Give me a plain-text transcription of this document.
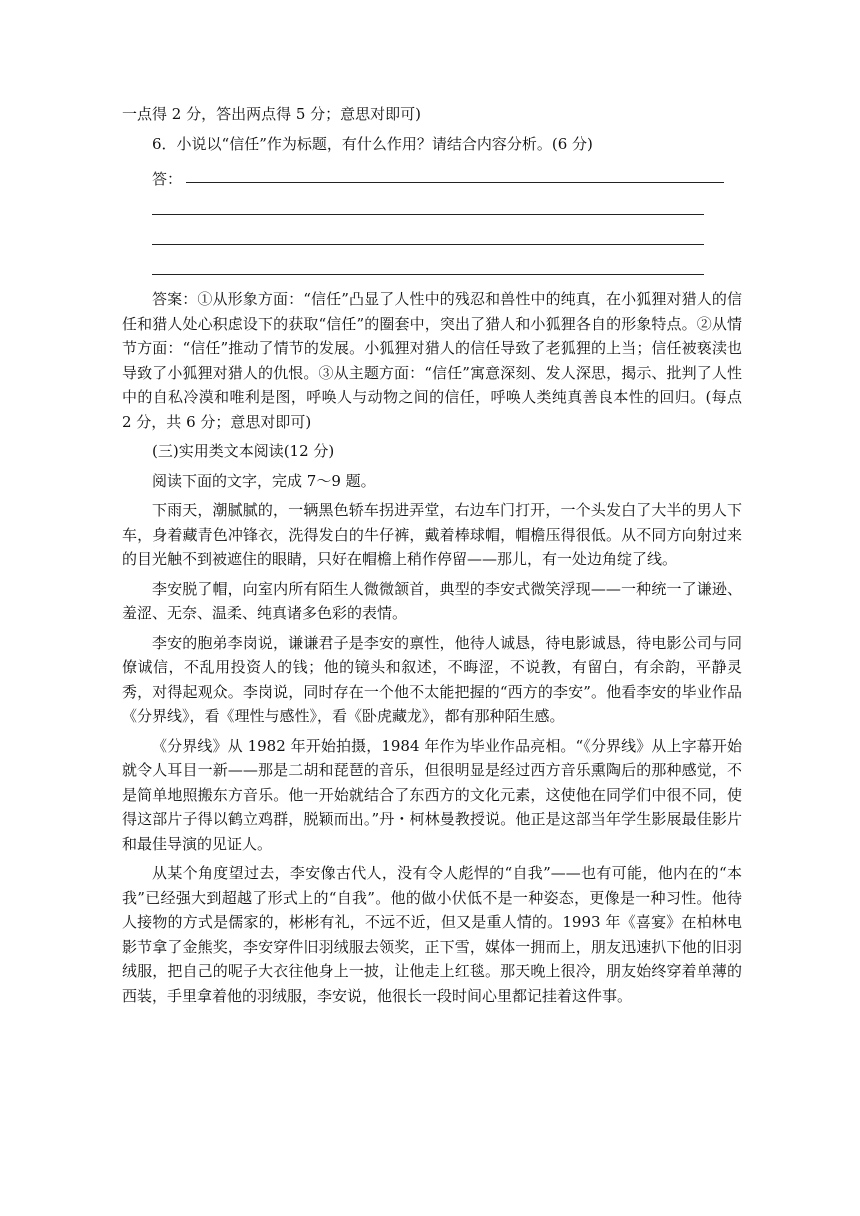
一点得 2 分，答出两点得 5 分；意思对即可)

6．小说以“信任”作为标题，有什么作用？请结合内容分析。(6 分)

答：

答案：①从形象方面：“信任”凸显了人性中的残忍和兽性中的纯真，在小狐狸对猎人的信任和猎人处心积虑设下的获取“信任”的圈套中，突出了猎人和小狐狸各自的形象特点。②从情节方面：“信任”推动了情节的发展。小狐狸对猎人的信任导致了老狐狸的上当；信任被亵渎也导致了小狐狸对猎人的仇恨。③从主题方面：“信任”寓意深刻、发人深思，揭示、批判了人性中的自私冷漠和唯利是图，呼唤人与动物之间的信任，呼唤人类纯真善良本性的回归。(每点 2 分，共 6 分；意思对即可)

(三)实用类文本阅读(12 分)

阅读下面的文字，完成 7～9 题。

下雨天，潮腻腻的，一辆黑色轿车拐进弄堂，右边车门打开，一个头发白了大半的男人下车，身着藏青色冲锋衣，洗得发白的牛仔裤，戴着棒球帽，帽檐压得很低。从不同方向射过来的目光触不到被遮住的眼睛，只好在帽檐上稍作停留——那儿，有一处边角绽了线。

李安脱了帽，向室内所有陌生人微微颔首，典型的李安式微笑浮现——一种统一了谦逊、羞涩、无奈、温柔、纯真诸多色彩的表情。

李安的胞弟李岗说，谦谦君子是李安的禀性，他待人诚恳，待电影诚恳，待电影公司与同僚诚信，不乱用投资人的钱；他的镜头和叙述，不晦涩，不说教，有留白，有余韵，平静灵秀，对得起观众。李岗说，同时存在一个他不太能把握的“西方的李安”。他看李安的毕业作品《分界线》，看《理性与感性》，看《卧虎藏龙》，都有那种陌生感。

《分界线》从 1982 年开始拍摄，1984 年作为毕业作品亮相。“《分界线》从上字幕开始就令人耳目一新——那是二胡和琵琶的音乐，但很明显是经过西方音乐熏陶后的那种感觉，不是简单地照搬东方音乐。他一开始就结合了东西方的文化元素，这使他在同学们中很不同，使得这部片子得以鹤立鸡群，脱颖而出。”丹・柯林曼教授说。他正是这部当年学生影展最佳影片和最佳导演的见证人。

从某个角度望过去，李安像古代人，没有令人彪悍的“自我”——也有可能，他内在的“本我”已经强大到超越了形式上的“自我”。他的做小伏低不是一种姿态，更像是一种习性。他待人接物的方式是儒家的，彬彬有礼，不远不近，但又是重人情的。1993 年《喜宴》在柏林电影节拿了金熊奖，李安穿件旧羽绒服去领奖，正下雪，媒体一拥而上，朋友迅速扒下他的旧羽绒服，把自己的呢子大衣往他身上一披，让他走上红毯。那天晚上很冷，朋友始终穿着单薄的西装，手里拿着他的羽绒服，李安说，他很长一段时间心里都记挂着这件事。
